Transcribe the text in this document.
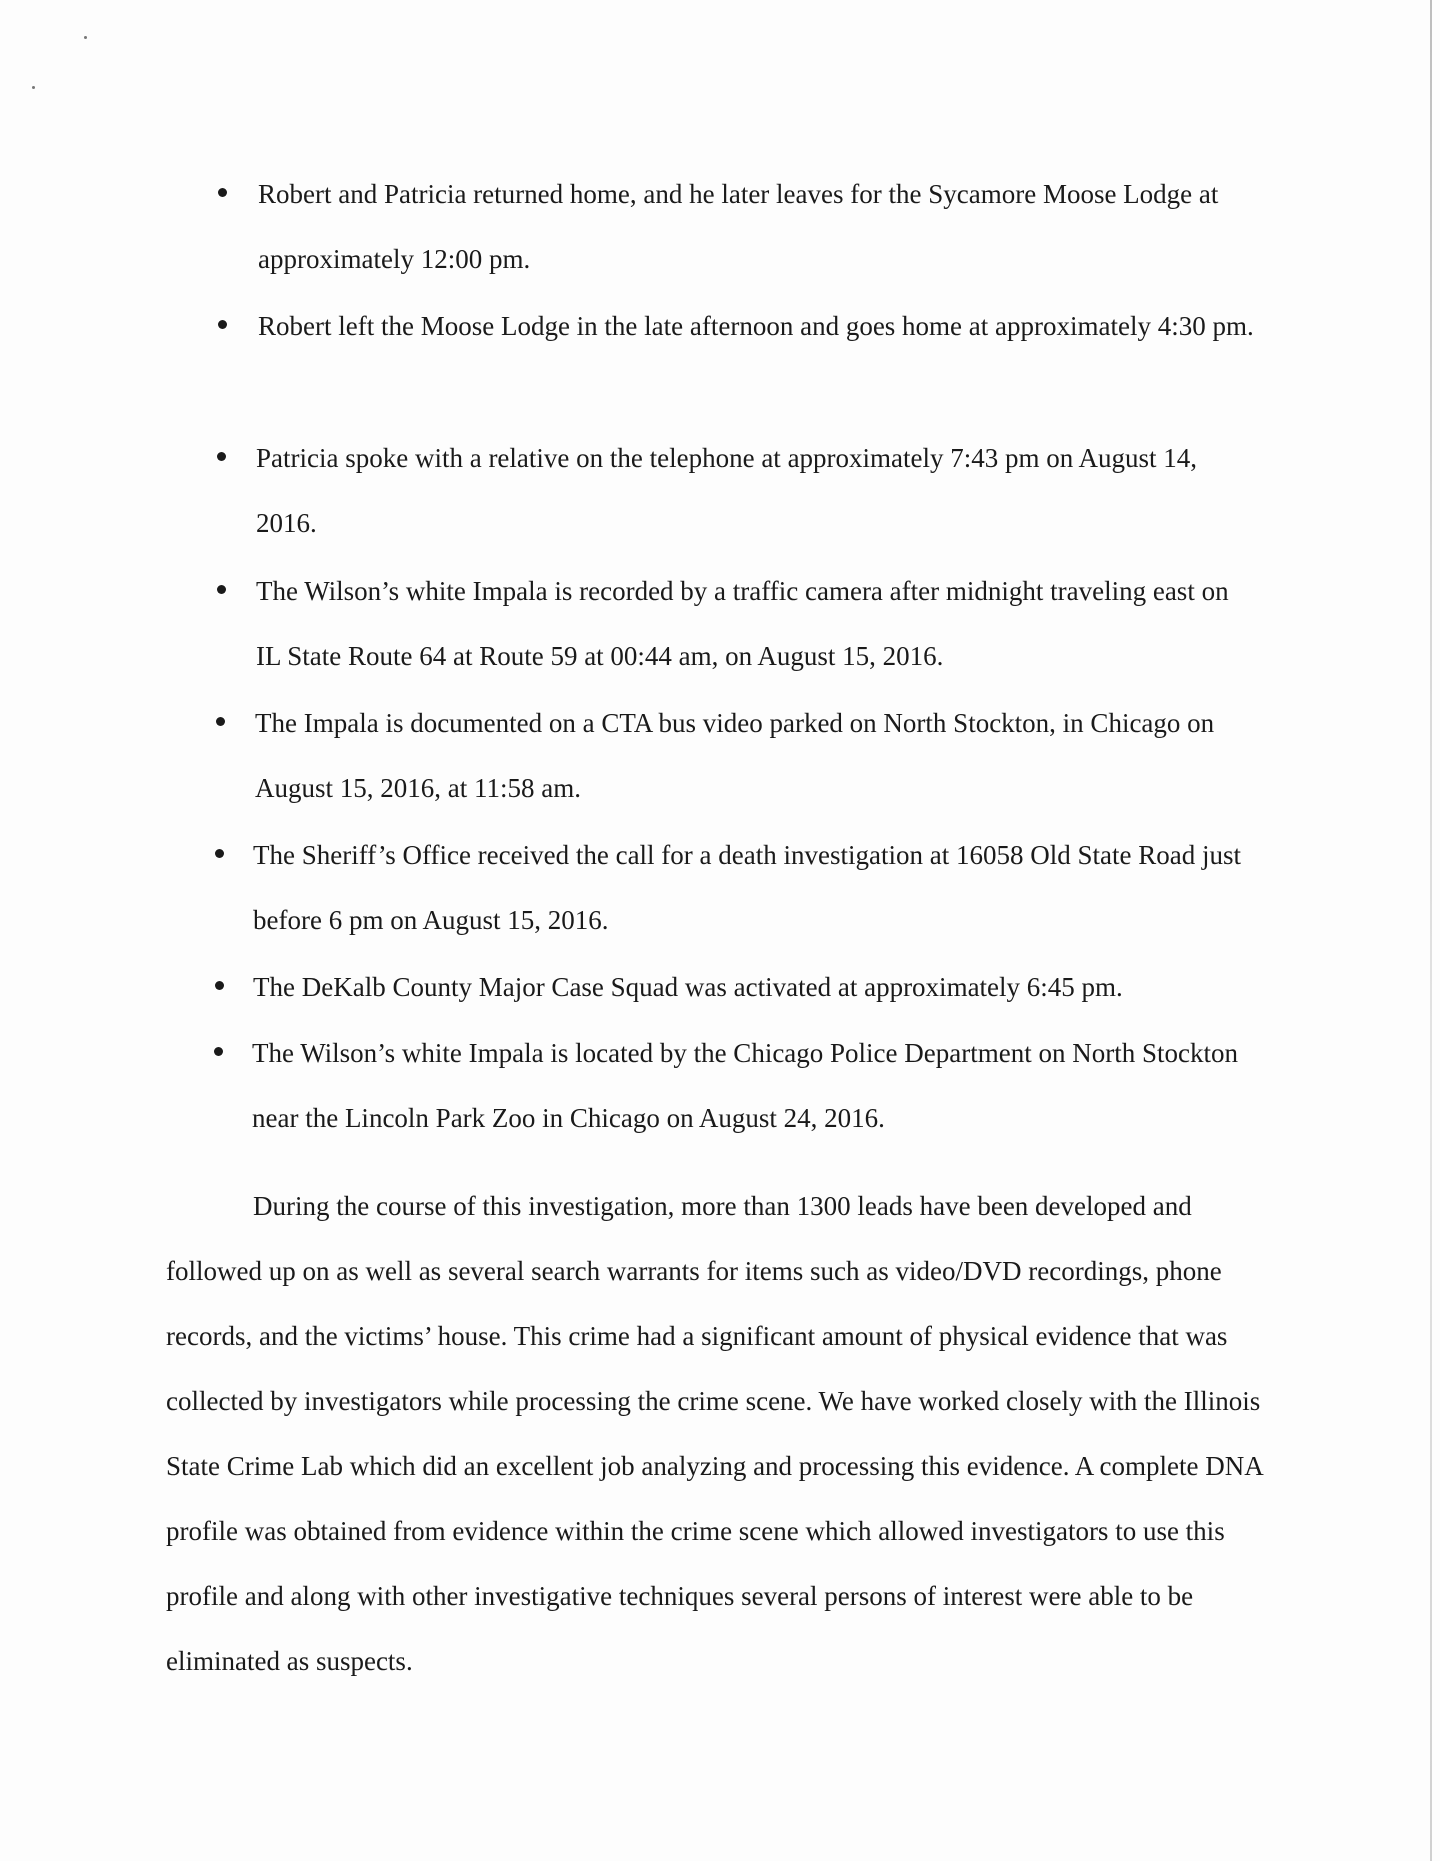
Robert and Patricia returned home, and he later leaves for the Sycamore Moose Lodge at approximately 12:00 pm.
Robert left the Moose Lodge in the late afternoon and goes home at approximately 4:30 pm.
Patricia spoke with a relative on the telephone at approximately 7:43 pm on August 14, 2016.
The Wilson’s white Impala is recorded by a traffic camera after midnight traveling east on IL State Route 64 at Route 59 at 00:44 am, on August 15, 2016.
The Impala is documented on a CTA bus video parked on North Stockton, in Chicago on August 15, 2016, at 11:58 am.
The Sheriff’s Office received the call for a death investigation at 16058 Old State Road just before 6 pm on August 15, 2016.
The DeKalb County Major Case Squad was activated at approximately 6:45 pm.
The Wilson’s white Impala is located by the Chicago Police Department on North Stockton near the Lincoln Park Zoo in Chicago on August 24, 2016.
During the course of this investigation, more than 1300 leads have been developed and followed up on as well as several search warrants for items such as video/DVD recordings, phone records, and the victims’ house. This crime had a significant amount of physical evidence that was collected by investigators while processing the crime scene. We have worked closely with the Illinois State Crime Lab which did an excellent job analyzing and processing this evidence. A complete DNA profile was obtained from evidence within the crime scene which allowed investigators to use this profile and along with other investigative techniques several persons of interest were able to be eliminated as suspects.
